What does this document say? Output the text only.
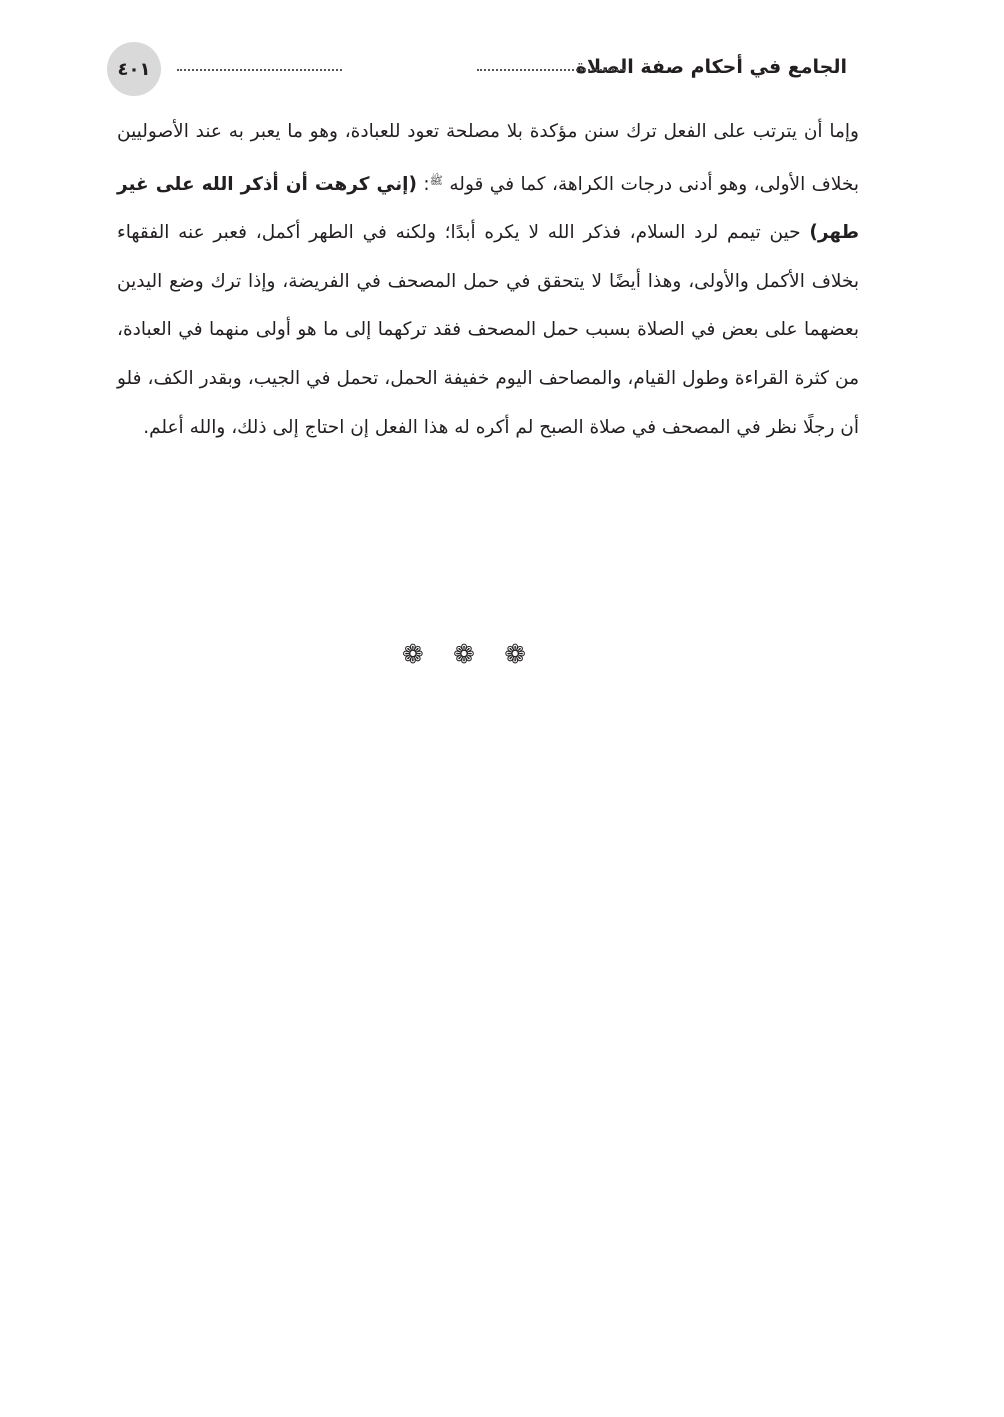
الجامع في أحكام صفة الصلاة
٤٠١
وإما أن يترتب على الفعل ترك سنن مؤكدة بلا مصلحة تعود للعبادة، وهو ما يعبر به عند الأصوليين بخلاف الأولى، وهو أدنى درجات الكراهة، كما في قوله $^ﷺ$: (إني كرهت أن أذكر الله على غير طهر) حين تيمم لرد السلام، فذكر الله لا يكره أبدًا؛ ولكنه في الطهر أكمل، فعبر عنه الفقهاء بخلاف الأكمل والأولى، وهذا أيضًا لا يتحقق في حمل المصحف في الفريضة، وإذا ترك وضع اليدين بعضهما على بعض في الصلاة بسبب حمل المصحف فقد تركهما إلى ما هو أولى منهما في العبادة، من كثرة القراءة وطول القيام، والمصاحف اليوم خفيفة الحمل، تحمل في الجيب، وبقدر الكف، فلو أن رجلًا نظر في المصحف في صلاة الصبح لم أكره له هذا الفعل إن احتاج إلى ذلك، والله أعلم.
❁ ❁ ❁
